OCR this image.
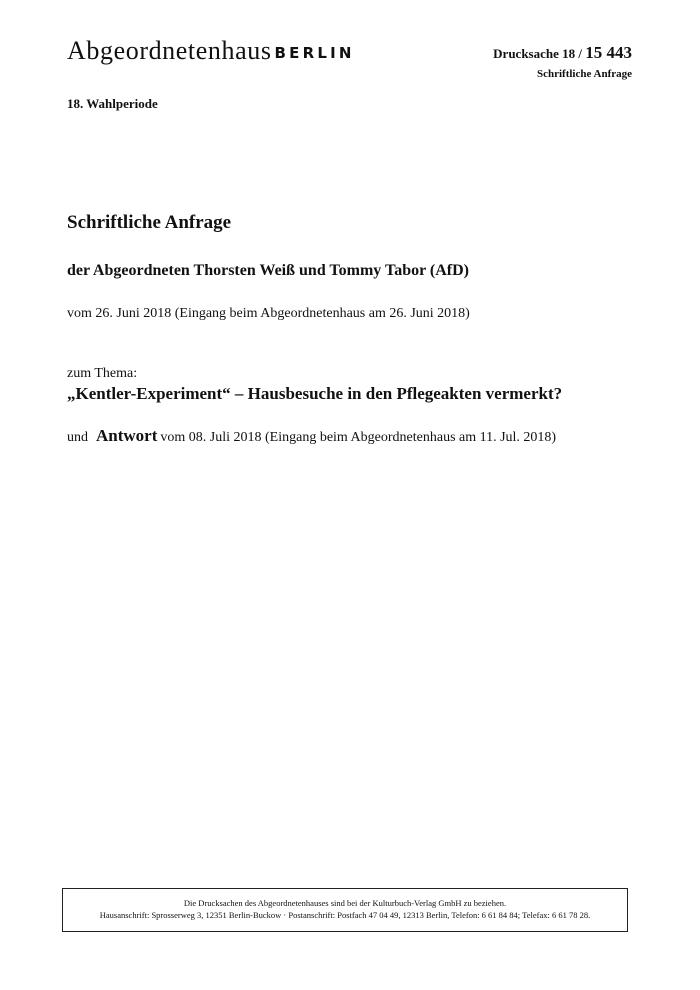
Abgeordnetenhaus BERLIN	Drucksache 18 / 15 443
Schriftliche Anfrage
18. Wahlperiode
Schriftliche Anfrage
der Abgeordneten Thorsten Weiß und Tommy Tabor (AfD)
vom 26. Juni 2018 (Eingang beim Abgeordnetenhaus am 26. Juni 2018)
zum Thema:
„Kentler-Experiment“ – Hausbesuche in den Pflegeakten vermerkt?
und Antwort vom 08. Juli 2018 (Eingang beim Abgeordnetenhaus am 11. Jul. 2018)
Die Drucksachen des Abgeordnetenhauses sind bei der Kulturbuch-Verlag GmbH zu beziehen.
Hausanschrift: Sprosserweg 3, 12351 Berlin-Buckow · Postanschrift: Postfach 47 04 49, 12313 Berlin, Telefon: 6 61 84 84; Telefax: 6 61 78 28.
